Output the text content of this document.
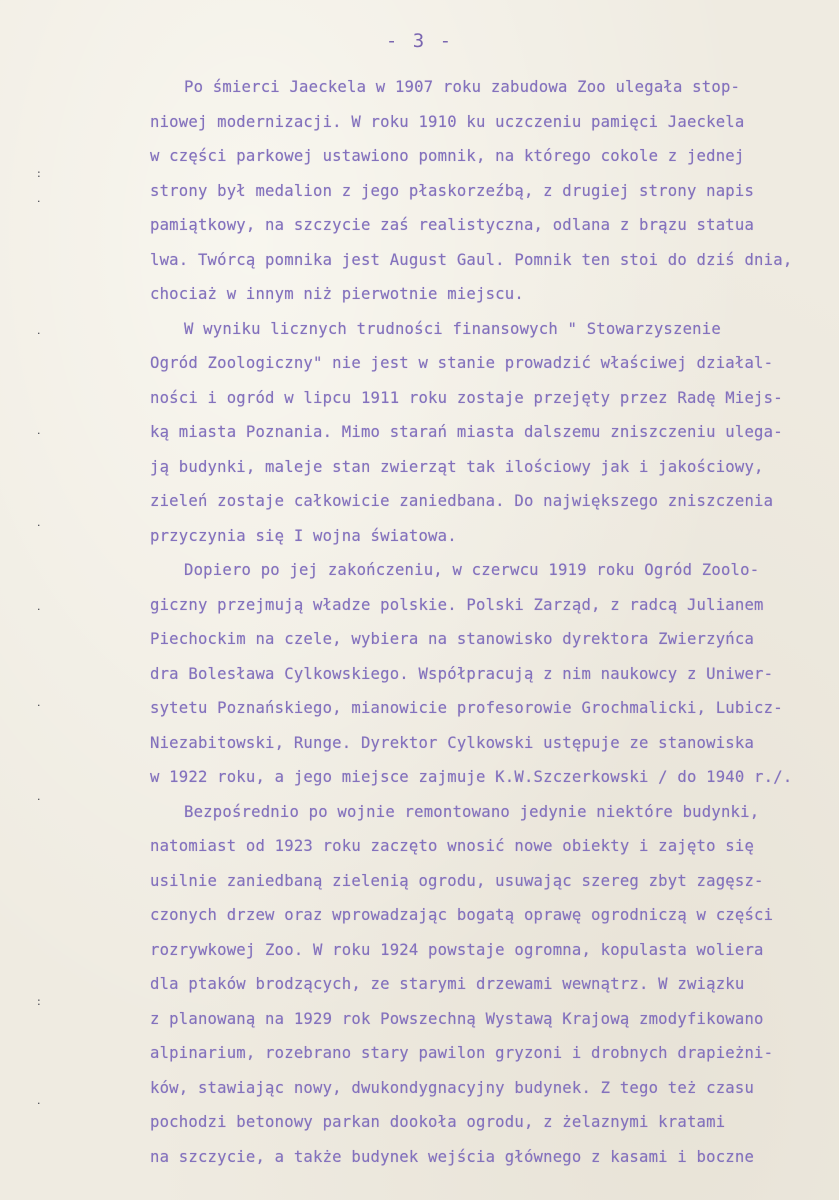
- 3 -
:
·
·
·
·
·
·
·
:
·
Po śmierci Jaeckela w 1907 roku zabudowa Zoo ulegała stop-
niowej modernizacji. W roku 1910 ku uczczeniu pamięci Jaeckela
w części parkowej ustawiono pomnik, na którego cokole z jednej
strony był medalion z jego płaskorzeźbą, z drugiej strony napis
pamiątkowy, na szczycie zaś realistyczna, odlana z brązu statua
lwa. Twórcą pomnika jest August Gaul. Pomnik ten stoi do dziś dnia,
chociaż w innym niż pierwotnie miejscu.
W wyniku licznych trudności finansowych " Stowarzyszenie
Ogród Zoologiczny" nie jest w stanie prowadzić właściwej działal-
ności i ogród w lipcu 1911 roku zostaje przejęty przez Radę Miejs-
ką miasta Poznania. Mimo starań miasta dalszemu zniszczeniu ulega-
ją budynki, maleje stan zwierząt tak ilościowy jak i jakościowy,
zieleń zostaje całkowicie zaniedbana. Do największego zniszczenia
przyczynia się I wojna światowa.
Dopiero po jej zakończeniu, w czerwcu 1919 roku Ogród Zoolo-
giczny przejmują władze polskie. Polski Zarząd, z radcą Julianem
Piechockim na czele, wybiera na stanowisko dyrektora Zwierzyńca
dra Bolesława Cylkowskiego. Współpracują z nim naukowcy z Uniwer-
sytetu Poznańskiego, mianowicie profesorowie Grochmalicki, Lubicz-
Niezabitowski, Runge. Dyrektor Cylkowski ustępuje ze stanowiska
w 1922 roku, a jego miejsce zajmuje K.W.Szczerkowski / do 1940 r./.
Bezpośrednio po wojnie remontowano jedynie niektóre budynki,
natomiast od 1923 roku zaczęto wnosić nowe obiekty i zajęto się
usilnie zaniedbaną zielenią ogrodu, usuwając szereg zbyt zagęsz-
czonych drzew oraz wprowadzając bogatą oprawę ogrodniczą w części
rozrywkowej Zoo. W roku 1924 powstaje ogromna, kopulasta woliera
dla ptaków brodzących, ze starymi drzewami wewnątrz. W związku
z planowaną na 1929 rok Powszechną Wystawą Krajową zmodyfikowano
alpinarium, rozebrano stary pawilon gryzoni i drobnych drapieżni-
ków, stawiając nowy, dwukondygnacyjny budynek. Z tego też czasu
pochodzi betonowy parkan dookoła ogrodu, z żelaznymi kratami
na szczycie, a także budynek wejścia głównego z kasami i boczne
